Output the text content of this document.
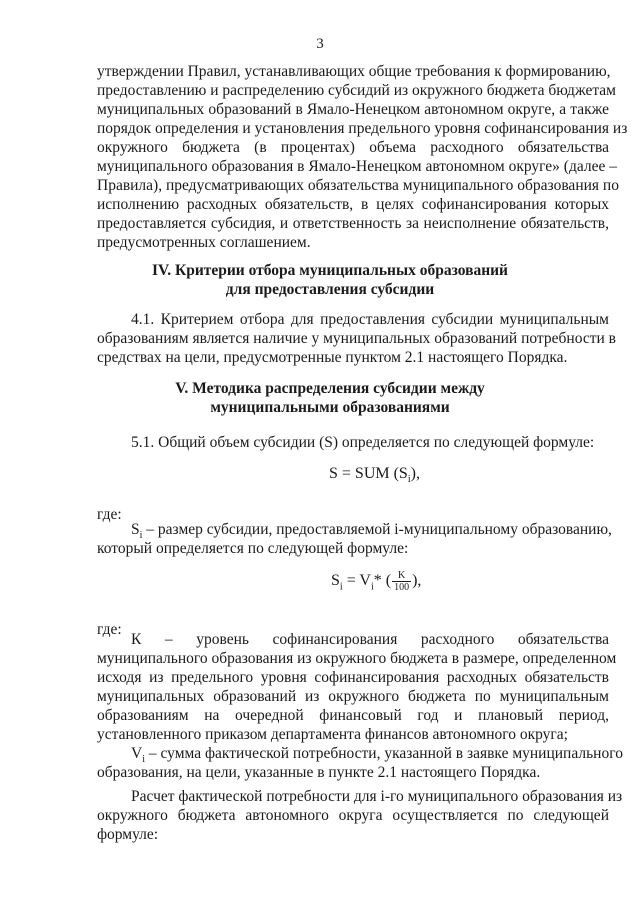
3
утверждении Правил, устанавливающих общие требования к формированию,
предоставлению и распределению субсидий из окружного бюджета бюджетам
муниципальных образований в Ямало-Ненецком автономном округе, а также
порядок определения и установления предельного уровня софинансирования из
окружного бюджета (в процентах) объема расходного обязательства
муниципального образования в Ямало-Ненецком автономном округе» (далее –
Правила), предусматривающих обязательства муниципального образования по
исполнению расходных обязательств, в целях софинансирования которых
предоставляется субсидия, и ответственность за неисполнение обязательств,
предусмотренных соглашением.
IV. Критерии отбора муниципальных образований
для предоставления субсидии
4.1. Критерием отбора для предоставления субсидии муниципальным
образованиям является наличие у муниципальных образований потребности в
средствах на цели, предусмотренные пунктом 2.1 настоящего Порядка.
V. Методика распределения субсидии между
муниципальными образованиями
5.1. Общий объем субсидии (S) определяется по следующей формуле:
S = SUM $(S_i)$,
где:
$S_i$ – размер субсидии, предоставляемой i-муниципальному образованию,
который определяется по следующей формуле:
$S_i = V_i*$ ( $\frac{K}{100}$ ),
где:
К – уровень софинансирования расходного обязательства
муниципального образования из окружного бюджета в размере, определенном
исходя из предельного уровня софинансирования расходных обязательств
муниципальных образований из окружного бюджета по муниципальным
образованиям на очередной финансовый год и плановый период,
установленного приказом департамента финансов автономного округа;
$V_i$ – сумма фактической потребности, указанной в заявке муниципального
образования, на цели, указанные в пункте 2.1 настоящего Порядка.
Расчет фактической потребности для i-го муниципального образования из
окружного бюджета автономного округа осуществляется по следующей
формуле:
